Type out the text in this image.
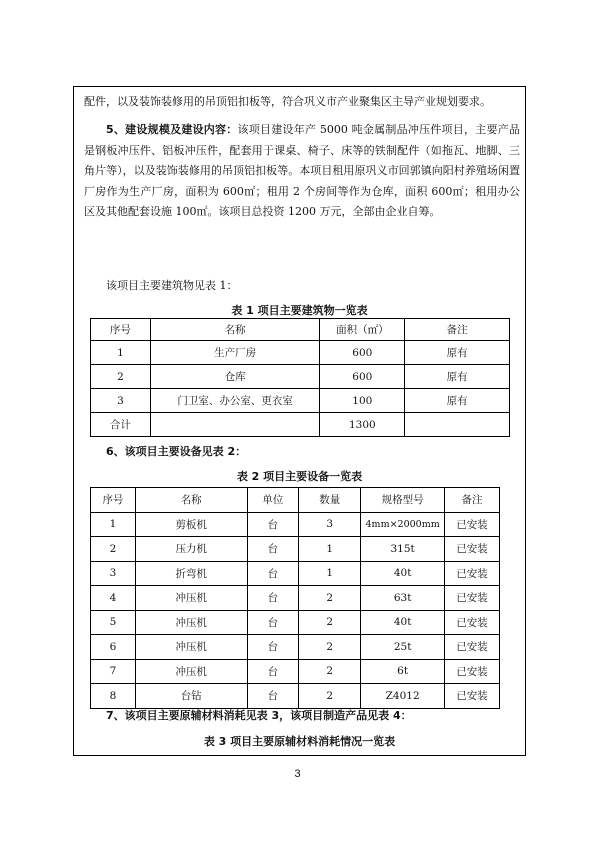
配件，以及装饰装修用的吊顶铝扣板等，符合巩义市产业聚集区主导产业规划要求。

5、建设规模及建设内容：该项目建设年产 5000 吨金属制品冲压件项目，主要产品是钢板冲压件、铝板冲压件，配套用于课桌、椅子、床等的铁制配件（如拖瓦、地脚、三角片等），以及装饰装修用的吊顶铝扣板等。本项目租用原巩义市回郭镇向阳村养殖场闲置厂房作为生产厂房，面积为 600㎡；租用 2 个房间等作为仓库，面积 600㎡；租用办公区及其他配套设施 100㎡。该项目总投资 1200 万元，全部由企业自筹。

该项目主要建筑物见表 1：

表 1 项目主要建筑物一览表
序号	名称	面积（㎡）	备注
1	生产厂房	600	原有
2	仓库	600	原有
3	门卫室、办公室、更衣室	100	原有
合计		1300	

6、该项目主要设备见表 2：

表 2 项目主要设备一览表
序号	名称	单位	数量	规格型号	备注
1	剪板机	台	3	4mm×2000mm	已安装
2	压力机	台	1	315t	已安装
3	折弯机	台	1	40t	已安装
4	冲压机	台	2	63t	已安装
5	冲压机	台	2	40t	已安装
6	冲压机	台	2	25t	已安装
7	冲压机	台	2	6t	已安装
8	台钻	台	2	Z4012	已安装

7、该项目主要原辅材料消耗见表 3，该项目制造产品见表 4：

表 3 项目主要原辅材料消耗情况一览表
3
